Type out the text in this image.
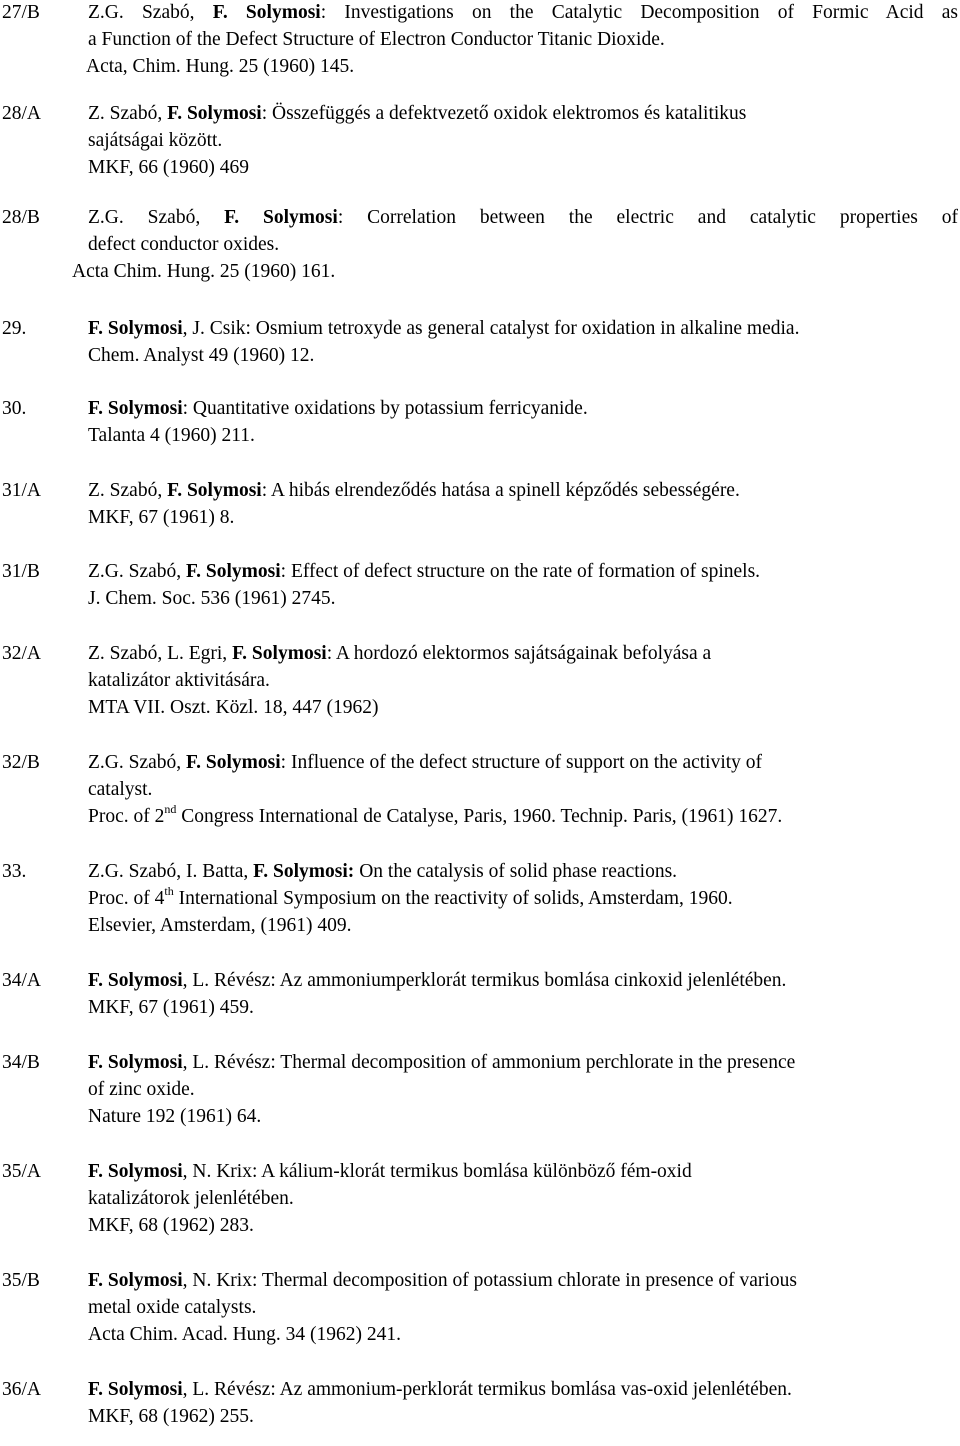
27/B Z.G. Szabó, F. Solymosi: Investigations on the Catalytic Decomposition of Formic Acid as
a Function of the Defect Structure of Electron Conductor Titanic Dioxide.
Acta, Chim. Hung. 25 (1960) 145.
28/A Z. Szabó, F. Solymosi: Összefüggés a defektvezető oxidok elektromos és katalitikus
sajátságai között.
MKF, 66 (1960) 469
28/B Z.G. Szabó, F. Solymosi: Correlation between the electric and catalytic properties of
defect conductor oxides.
Acta Chim. Hung. 25 (1960) 161.
29.	F. Solymosi, J. Csik: Osmium tetroxyde as general catalyst for oxidation in alkaline media.
Chem. Analyst 49 (1960) 12.
30.	F. Solymosi: Quantitative oxidations by potassium ferricyanide.
Talanta 4 (1960) 211.
31/A Z. Szabó, F. Solymosi: A hibás elrendeződés hatása a spinell képződés sebességére.
MKF, 67 (1961) 8.
31/B Z.G. Szabó, F. Solymosi: Effect of defect structure on the rate of formation of spinels.
J. Chem. Soc. 536 (1961) 2745.
32/A Z. Szabó, L. Egri, F. Solymosi: A hordozó elektormos sajátságainak befolyása a
katalizátor aktivitására.
MTA VII. Oszt. Közl. 18, 447 (1962)
32/B Z.G. Szabó, F. Solymosi: Influence of the defect structure of support on the activity of
catalyst.
Proc. of 2nd Congress International de Catalyse, Paris, 1960. Technip. Paris, (1961) 1627.
33.	Z.G. Szabó, I. Batta, F. Solymosi: On the catalysis of solid phase reactions.
Proc. of 4th International Symposium on the reactivity of solids, Amsterdam, 1960.
Elsevier, Amsterdam, (1961) 409.
34/A F. Solymosi, L. Révész: Az ammoniumperklorát termikus bomlása cinkoxid jelenlétében.
MKF, 67 (1961) 459.
34/B F. Solymosi, L. Révész: Thermal decomposition of ammonium perchlorate in the presence
of zinc oxide.
Nature 192 (1961) 64.
35/A F. Solymosi, N. Krix: A kálium-klorát termikus bomlása különböző fém-oxid
katalizátorok jelenlétében.
MKF, 68 (1962) 283.
35/B F. Solymosi, N. Krix: Thermal decomposition of potassium chlorate in presence of various
metal oxide catalysts.
Acta Chim. Acad. Hung. 34 (1962) 241.
36/A F. Solymosi, L. Révész: Az ammonium-perklorát termikus bomlása vas-oxid jelenlétében.
MKF, 68 (1962) 255.
